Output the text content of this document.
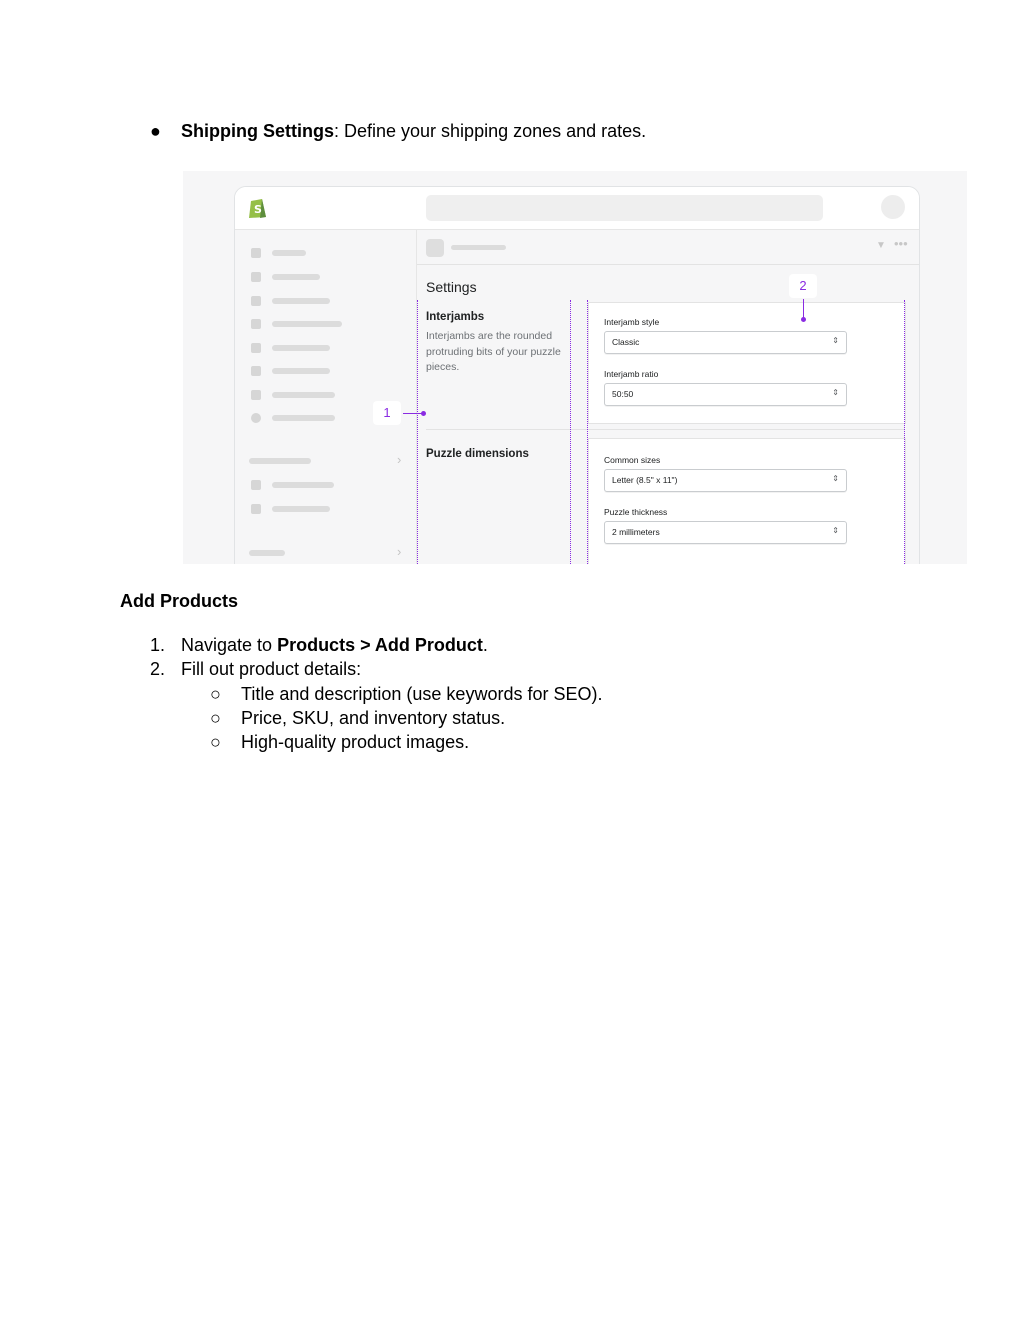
● Shipping Settings: Define your shipping zones and rates.
S
›
›
▼ •••
Settings
Interjambs
Interjambs are the rounded protruding bits of your puzzle pieces.
Interjamb style
Classic	⇕
Interjamb ratio
50:50	⇕
Puzzle dimensions	Common sizes
Letter (8.5" x 11")	⇕
Puzzle thickness
2 millimeters	⇕
1
2
Add Products
1. Navigate to Products > Add Product.
2. Fill out product details:
○ Title and description (use keywords for SEO).
○ Price, SKU, and inventory status.
○ High-quality product images.
